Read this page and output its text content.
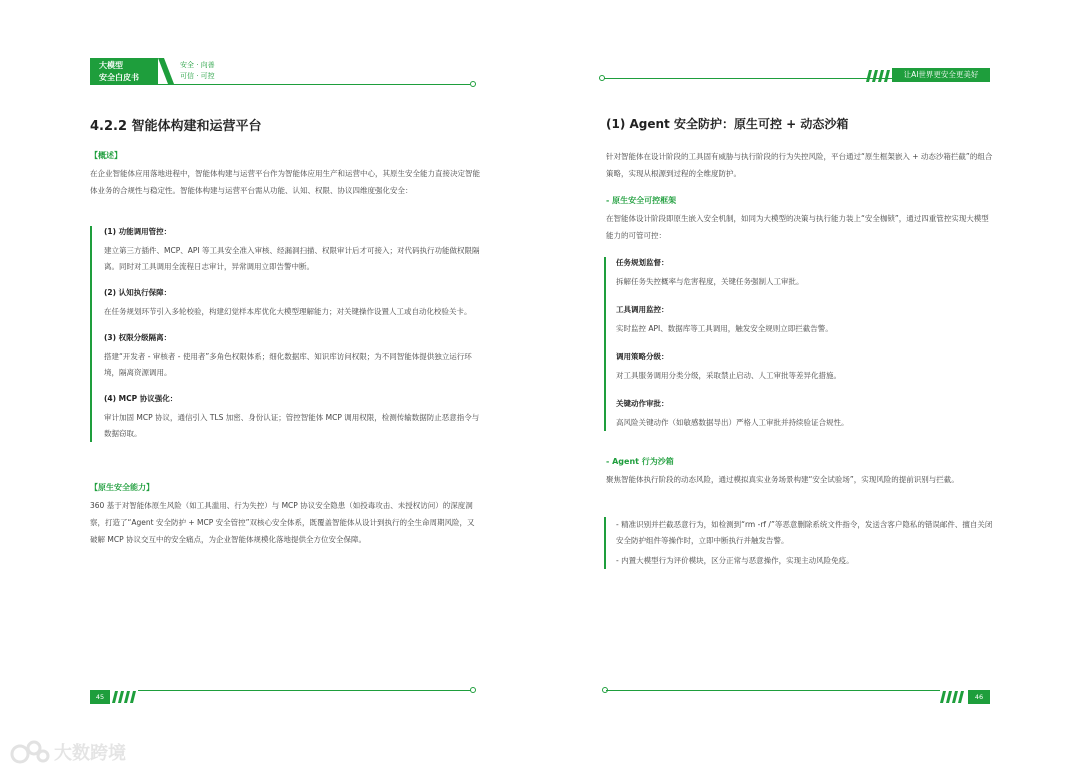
大模型
安全白皮书
安全 · 向善
可信 · 可控
4.2.2 智能体构建和运营平台
【概述】
在企业智能体应用落地进程中，智能体构建与运营平台作为智能体应用生产和运营中心，其原生安全能力直接决定智能体业务的合规性与稳定性。智能体构建与运营平台需从功能、认知、权限、协议四维度强化安全：
(1) 功能调用管控：
建立第三方插件、MCP、API 等工具安全准入审核、经漏洞扫描、权限审计后才可接入；对代码执行功能做权限隔离。同时对工具调用全流程日志审计，异常调用立即告警中断。
(2) 认知执行保障：
在任务规划环节引入多轮校验，构建幻觉样本库优化大模型理解能力；对关键操作设置人工或自动化校验关卡。
(3) 权限分级隔离：
搭建“开发者 - 审核者 - 使用者”多角色权限体系；细化数据库、知识库访问权限；为不同智能体提供独立运行环境，隔离资源调用。
(4) MCP 协议强化：
审计加固 MCP 协议，通信引入 TLS 加密、身份认证；管控智能体 MCP 调用权限，检测传输数据防止恶意指令与数据窃取。
【原生安全能力】
360 基于对智能体原生风险（如工具滥用、行为失控）与 MCP 协议安全隐患（如投毒攻击、未授权访问）的深度洞察，打造了“Agent 安全防护 + MCP 安全管控”双核心安全体系，既覆盖智能体从设计到执行的全生命周期风险，又破解 MCP 协议交互中的安全痛点，为企业智能体规模化落地提供全方位安全保障。
45
大数跨境
让AI世界更安全更美好
(1) Agent 安全防护：原生可控 + 动态沙箱
针对智能体在设计阶段的工具固有威胁与执行阶段的行为失控风险，平台通过“原生框架嵌入 + 动态沙箱拦截”的组合策略，实现从根源到过程的全维度防护。
- 原生安全可控框架
在智能体设计阶段即原生嵌入安全机制，如同为大模型的决策与执行能力装上“安全枷锁”，通过四重管控实现大模型能力的可管可控：
任务规划监督：
拆解任务失控概率与危害程度，关键任务强制人工审批。
工具调用监控：
实时监控 API、数据库等工具调用，触发安全规则立即拦截告警。
调用策略分级：
对工具服务调用分类分级，采取禁止启动、人工审批等差异化措施。
关键动作审批：
高风险关键动作（如敏感数据导出）严格人工审批并持续验证合规性。
- Agent 行为沙箱
聚焦智能体执行阶段的动态风险，通过模拟真实业务场景构建“安全试验场”，实现风险的提前识别与拦截。
- 精准识别并拦截恶意行为，如检测到“rm -rf /”等恶意删除系统文件指令，发送含客户隐私的错误邮件、擅自关闭安全防护组件等操作时，立即中断执行并触发告警。
- 内置大模型行为评价模块，区分正常与恶意操作，实现主动风险免疫。
46
